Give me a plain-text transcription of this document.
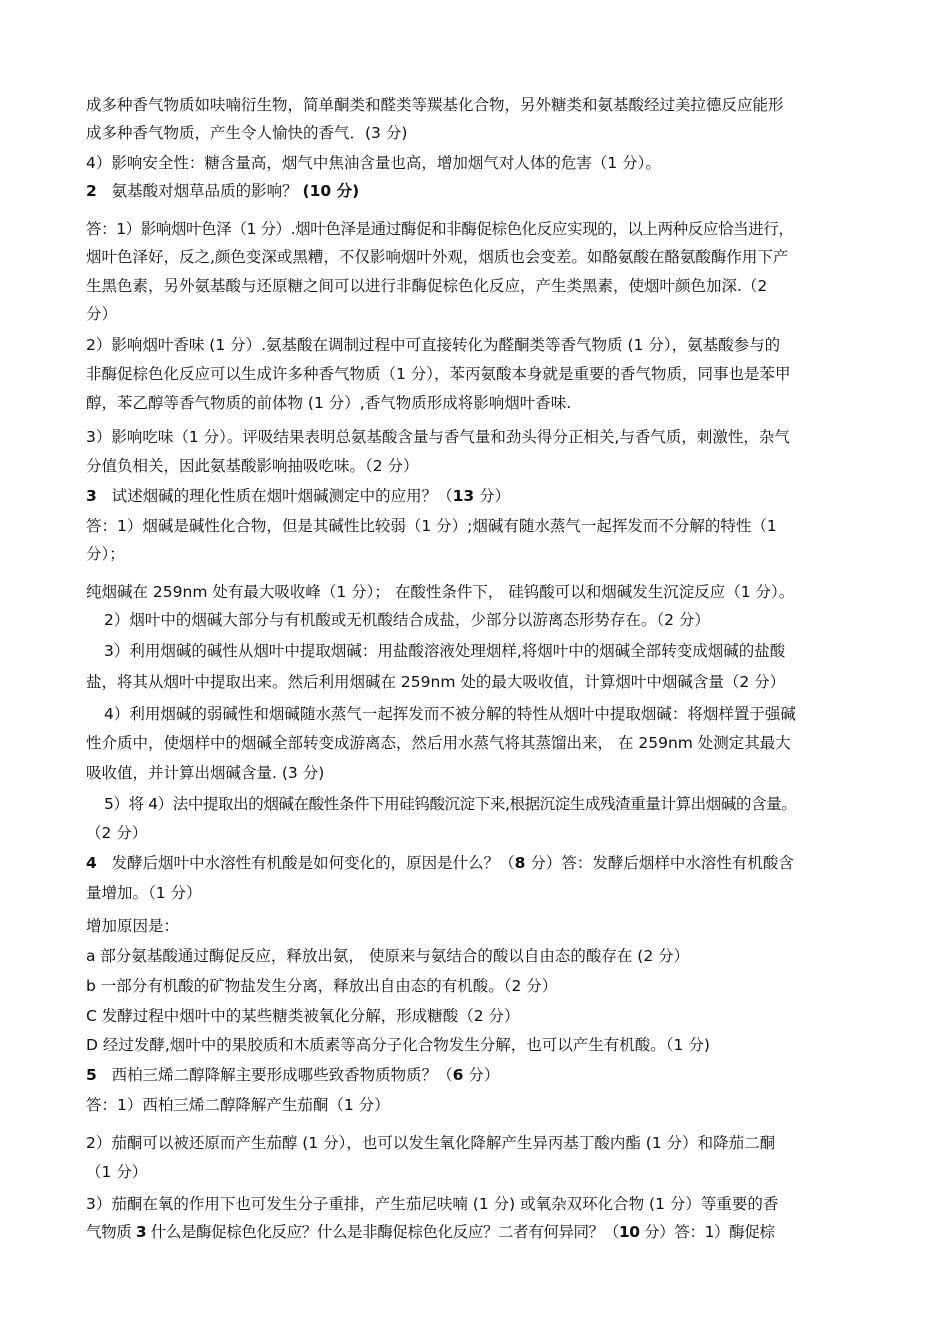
成多种香气物质如呋喃衍生物，简单酮类和醛类等羰基化合物，另外糖类和氨基酸经过美拉德反应能形
成多种香气物质，产生令人愉快的香气．(3 分)
4）影响安全性：糖含量高，烟气中焦油含量也高，增加烟气对人体的危害（1 分）。
2 氨基酸对烟草品质的影响？ (10 分)
答：1）影响烟叶色泽（1 分）.烟叶色泽是通过酶促和非酶促棕色化反应实现的，以上两种反应恰当进行，
烟叶色泽好，反之,颜色变深或黑糟，不仅影响烟叶外观，烟质也会变差。如酪氨酸在酪氨酸酶作用下产
生黑色素，另外氨基酸与还原糖之间可以进行非酶促棕色化反应，产生类黑素，使烟叶颜色加深.（2
分）
2）影响烟叶香味 (1 分）.氨基酸在调制过程中可直接转化为醛酮类等香气物质 (1 分），氨基酸参与的
非酶促棕色化反应可以生成许多种香气物质（1 分），苯丙氨酸本身就是重要的香气物质，同事也是苯甲
醇，苯乙醇等香气物质的前体物 (1 分）,香气物质形成将影响烟叶香味.
3）影响吃味（1 分）。评吸结果表明总氨基酸含量与香气量和劲头得分正相关,与香气质，刺激性，杂气
分值负相关，因此氨基酸影响抽吸吃味。（2 分）
3 试述烟碱的理化性质在烟叶烟碱测定中的应用？（13 分）
答：1）烟碱是碱性化合物，但是其碱性比较弱（1 分）;烟碱有随水蒸气一起挥发而不分解的特性（1
分）；
纯烟碱在 259nm 处有最大吸收峰（1 分）； 在酸性条件下， 硅钨酸可以和烟碱发生沉淀反应（1 分）。
2）烟叶中的烟碱大部分与有机酸或无机酸结合成盐，少部分以游离态形势存在。（2 分）
3）利用烟碱的碱性从烟叶中提取烟碱：用盐酸溶液处理烟样,将烟叶中的烟碱全部转变成烟碱的盐酸
盐，将其从烟叶中提取出来。然后利用烟碱在 259nm 处的最大吸收值，计算烟叶中烟碱含量（2 分）
4）利用烟碱的弱碱性和烟碱随水蒸气一起挥发而不被分解的特性从烟叶中提取烟碱：将烟样置于强碱
性介质中，使烟样中的烟碱全部转变成游离态，然后用水蒸气将其蒸馏出来， 在 259nm 处测定其最大
吸收值，并计算出烟碱含量. (3 分)
5）将 4）法中提取出的烟碱在酸性条件下用硅钨酸沉淀下来,根据沉淀生成残渣重量计算出烟碱的含量。
（2 分）
4 发酵后烟叶中水溶性有机酸是如何变化的，原因是什么？（8 分）答：发酵后烟样中水溶性有机酸含
量增加。（1 分）
增加原因是：
a 部分氨基酸通过酶促反应，释放出氨， 使原来与氨结合的酸以自由态的酸存在 (2 分）
b 一部分有机酸的矿物盐发生分离，释放出自由态的有机酸。（2 分）
C 发酵过程中烟叶中的某些糖类被氧化分解，形成糖酸（2 分）
D 经过发酵,烟叶中的果胶质和木质素等高分子化合物发生分解，也可以产生有机酸。（1 分)
5 西柏三烯二醇降解主要形成哪些致香物质物质？（6 分）
答：1）西柏三烯二醇降解产生茄酮（1 分）
2）茄酮可以被还原而产生茄醇 (1 分），也可以发生氧化降解产生异丙基丁酸内酯 (1 分）和降茄二酮
（1 分）
3）茄酮在氧的作用下也可发生分子重排，产生茄尼呋喃 (1 分) 或氧杂双环化合物 (1 分）等重要的香
气物质 3 什么是酶促棕色化反应？什么是非酶促棕色化反应？二者有何异同？（10 分）答：1）酶促棕
